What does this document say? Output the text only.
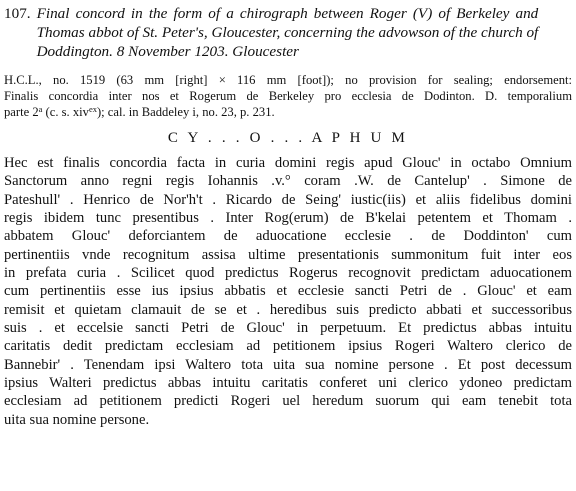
107. Final concord in the form of a chirograph between Roger (V) of Berkeley and
Thomas abbot of St. Peter's, Gloucester, concerning the advowson of the church of
Doddington. 8 November 1203. Gloucester
H.C.L., no. 1519 (63 mm [right] × 116 mm [foot]); no provision for sealing; endorsement:
Finalis concordia inter nos et Rogerum de Berkeley pro ecclesia de Dodinton. D. temporalium
parte 2$^a$ (c. s. xiv$^{ex}$); cal. in Baddeley i, no. 23, p. 231.
C Y . . . O . . . A P H U M
Hec est finalis concordia facta in curia domini regis apud Glouc' in octabo Omnium
Sanctorum anno regni regis Iohannis .v.° coram .W. de Cantelup' . Simone de
Pateshull' . Henrico de Nor'h't . Ricardo de Seing' iustic(iis) et aliis fidelibus domini
regis ibidem tunc presentibus . Inter Rog(erum) de B'kelai petentem et Thomam .
abbatem Glouc' deforciantem de aduocatione ecclesie . de Doddinton' cum
pertinentiis vnde recognitum assisa ultime presentationis summonitum fuit inter eos
in prefata curia . Scilicet quod predictus Rogerus recognovit predictam aduocationem
cum pertinentiis esse ius ipsius abbatis et ecclesie sancti Petri de . Glouc' et eam
remisit et quietam clamauit de se et . heredibus suis predicto abbati et successoribus
suis . et eccelsie sancti Petri de Glouc' in perpetuum. Et predictus abbas intuitu
caritatis dedit predictam ecclesiam ad petitionem ipsius Rogeri Waltero clerico de
Bannebir' . Tenendam ipsi Waltero tota uita sua nomine persone . Et post decessum
ipsius Walteri predictus abbas intuitu caritatis conferet uni clerico ydoneo predictam
ecclesiam ad petitionem predicti Rogeri uel heredum suorum qui eam tenebit tota
uita sua nomine persone.
